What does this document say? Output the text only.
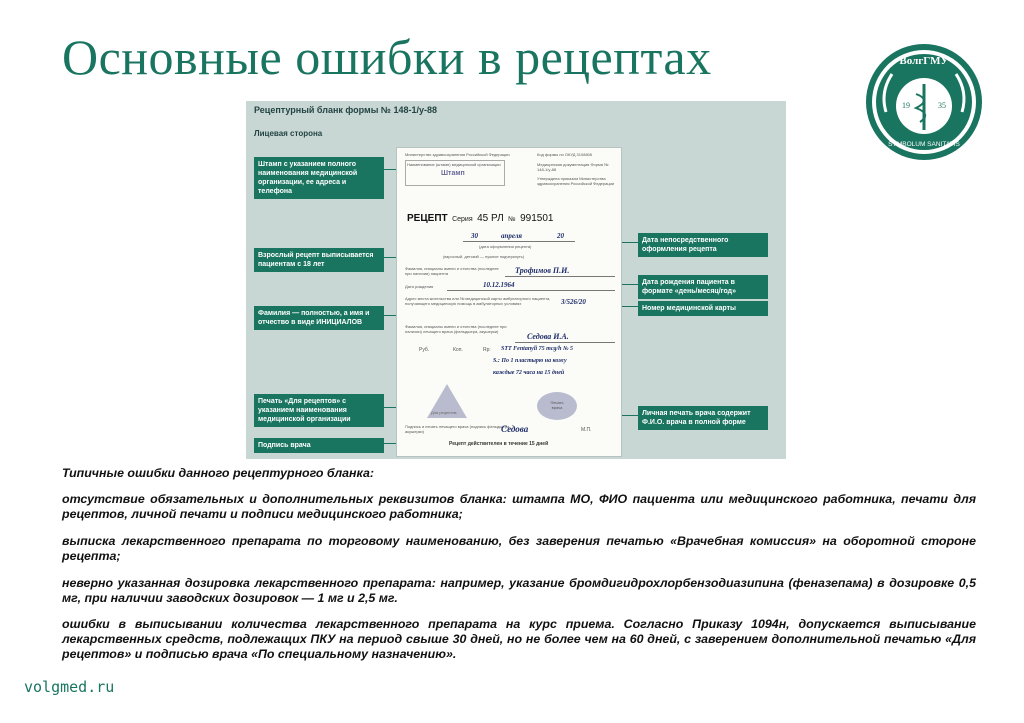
Основные ошибки в рецептах	ВолгГМУ
19	35
SYMBOLUM SANITATIS
Рецептурный бланк формы № 148-1/у-88
Лицевая сторона
Штамп с указанием полного наименования медицинской организации, ее адреса и телефона
Взрослый рецепт выписывается пациентам с 18 лет
Фамилия — полностью, а имя и отчество в виде ИНИЦИАЛОВ
Печать «Для рецептов» с указанием наименования медицинской организации
Подпись врача
Дата непосредственного оформления рецепта
Дата рождения пациента в формате «день/месяц/год»
Номер медицинской карты
Личная печать врача содержит Ф.И.О. врача в полной форме
Министерство здравоохранения Российской Федерации
Наименование (штамп) медицинской организации
Штамп
Код формы по ОКУД 3108806
Медицинская документация Форма № 148-1/у-88
Утверждена приказом Министерства здравоохранения Российской Федерации
РЕЦЕПТ Серия 45 РЛ № 991501
30	апреля	20
(дата оформления рецепта)
(взрослый, детский — нужное подчеркнуть)
Фамилия, инициалы имени и отчества (последнее при наличии) пациента	Трофимов П.И.
Дата рождения	10.12.1964
Адрес места жительства или № медицинской карты амбулаторного пациента, получающего медицинскую помощь в амбулаторных условиях	3/526/20
Фамилия, инициалы имени и отчества (последнее при наличии) лечащего врача (фельдшера, акушерки)
Седова И.А.
Руб.	Коп.	Rp: STT Fentanyli 75 mcg/h № 5
S.: По 1 пластырю на кожу
каждые 72 часа на 15 дней
Для рецептов
Печать врача
Подпись и печать лечащего врача (подпись фельдшера, акушерки)	Седова	М.П.
Рецепт действителен в течение 15 дней
Типичные ошибки данного рецептурного бланка:
отсутствие обязательных и дополнительных реквизитов бланка: штампа МО, ФИО пациента или медицинского работника, печати для рецептов, личной печати и подписи медицинского работника;
выписка лекарственного препарата по торговому наименованию, без заверения печатью «Врачебная комиссия» на оборотной стороне рецепта;
неверно указанная дозировка лекарственного препарата: например, указание бромдигидрохлорбензодиазипина (феназепама) в дозировке 0,5 мг, при наличии заводских дозировок — 1 мг и 2,5 мг.
ошибки в выписывании количества лекарственного препарата на курс приема. Согласно Приказу 1094н, допускается выписывание лекарственных средств, подлежащих ПКУ на период свыше 30 дней, но не более чем на 60 дней, с заверением дополнительной печатью «Для рецептов» и подписью врача «По специальному назначению».
volgmed.ru
